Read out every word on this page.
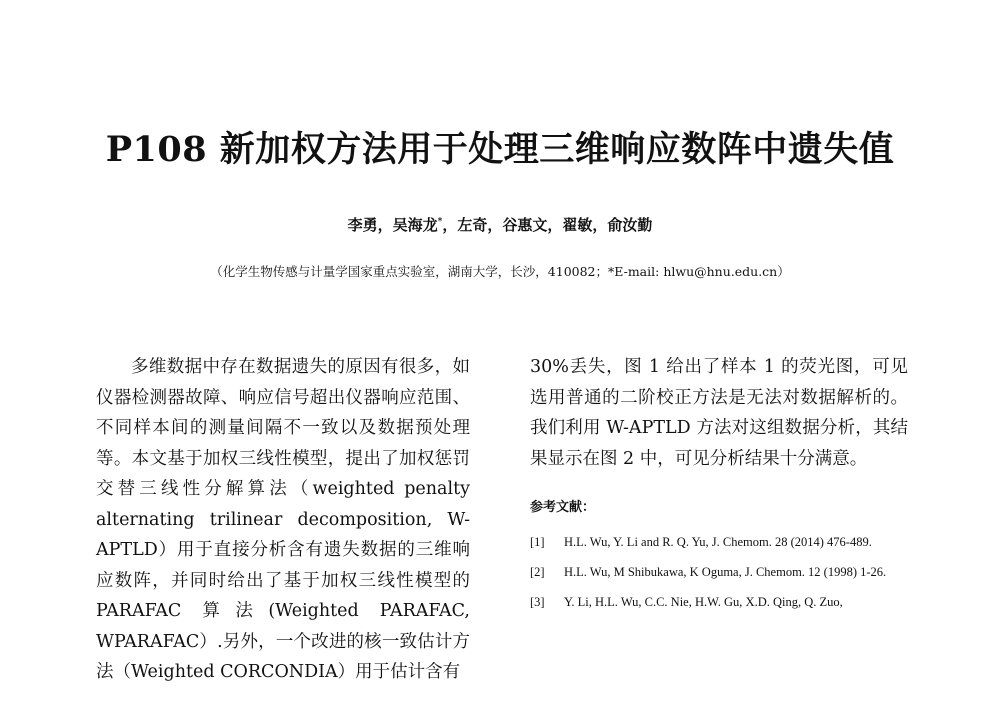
P108 新加权方法用于处理三维响应数阵中遗失值
李勇，吴海龙*，左奇，谷惠文，翟敏，俞汝勤
（化学生物传感与计量学国家重点实验室，湖南大学，长沙，410082；*E-mail: hlwu@hnu.edu.cn）

多维数据中存在数据遗失的原因有很多，如仪器检测器故障、响应信号超出仪器响应范围、不同样本间的测量间隔不一致以及数据预处理等。本文基于加权三线性模型，提出了加权惩罚交替三线性分解算法（weighted penalty alternating trilinear decomposition, W-APTLD）用于直接分析含有遗失数据的三维响应数阵，并同时给出了基于加权三线性模型的 PARAFAC 算法(Weighted PARAFAC, WPARAFAC）.另外，一个改进的核一致估计方法（Weighted CORCONDIA）用于估计含有

30%丢失，图 1 给出了样本 1 的荧光图，可见选用普通的二阶校正方法是无法对数据解析的。我们利用 W-APTLD 方法对这组数据分析，其结果显示在图 2 中，可见分析结果十分满意。

参考文献：
[1]	H.L. Wu, Y. Li and R. Q. Yu, J. Chemom. 28 (2014) 476-489.
[2]	H.L. Wu, M Shibukawa, K Oguma, J. Chemom. 12 (1998) 1-26.
[3]	Y. Li, H.L. Wu, C.C. Nie, H.W. Gu, X.D. Qing, Q. Zuo,
